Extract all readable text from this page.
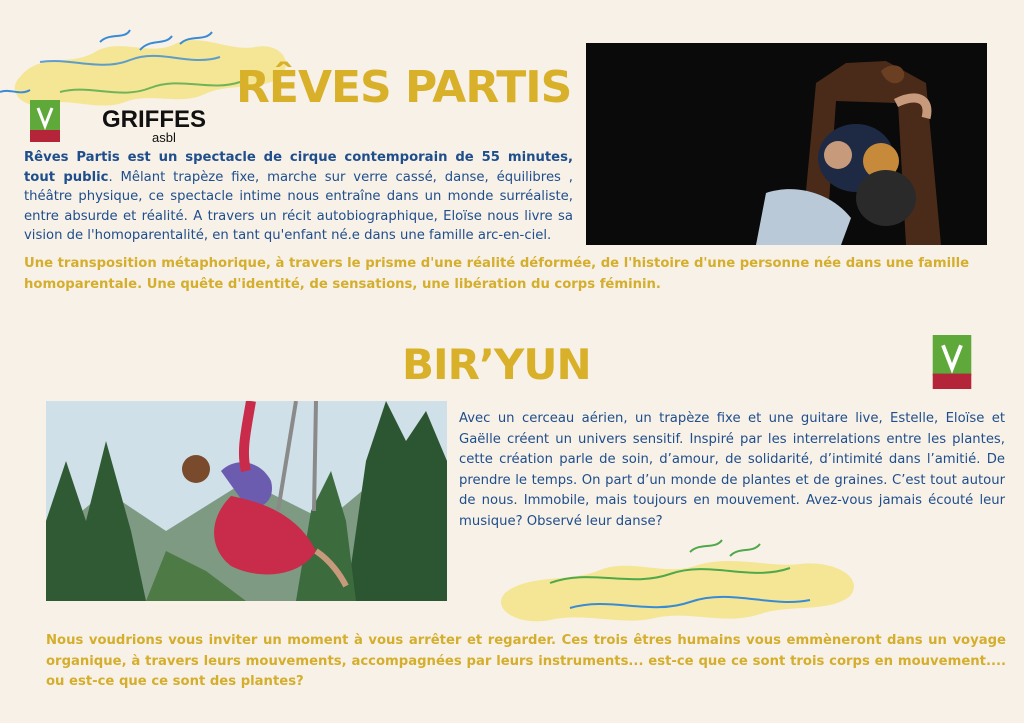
GRIFFES
asbl
RÊVES PARTIS
Rêves Partis est un spectacle de cirque contemporain de 55 minutes, tout public. Mêlant trapèze fixe, marche sur verre cassé, danse, équilibres , théâtre physique, ce spectacle intime nous entraîne dans un monde surréaliste, entre absurde et réalité. A travers un récit autobiographique, Eloïse nous livre sa vision de l'homoparentalité, en tant qu'enfant né.e dans une famille arc-en-ciel.
Une transposition métaphorique, à travers le prisme d'une réalité déformée, de l'histoire d'une personne née dans une famille homoparentale. Une quête d'identité, de sensations, une libération du corps féminin.
BIR’YUN
Avec un cerceau aérien, un trapèze fixe et une guitare live, Estelle, Eloïse et Gaëlle créent un univers sensitif. Inspiré par les interrelations entre les plantes, cette création parle de soin, d’amour, de solidarité, d’intimité dans l’amitié. De prendre le temps. On part d’un monde de plantes et de graines. C’est tout autour de nous. Immobile, mais toujours en mouvement. Avez-vous jamais écouté leur musique? Observé leur danse?
Nous voudrions vous inviter un moment à vous arrêter et regarder. Ces trois êtres humains vous emmèneront dans un voyage organique, à travers leurs mouvements, accompagnées par leurs instruments... est-ce que ce sont trois corps en mouvement.... ou est-ce que ce sont des plantes?
